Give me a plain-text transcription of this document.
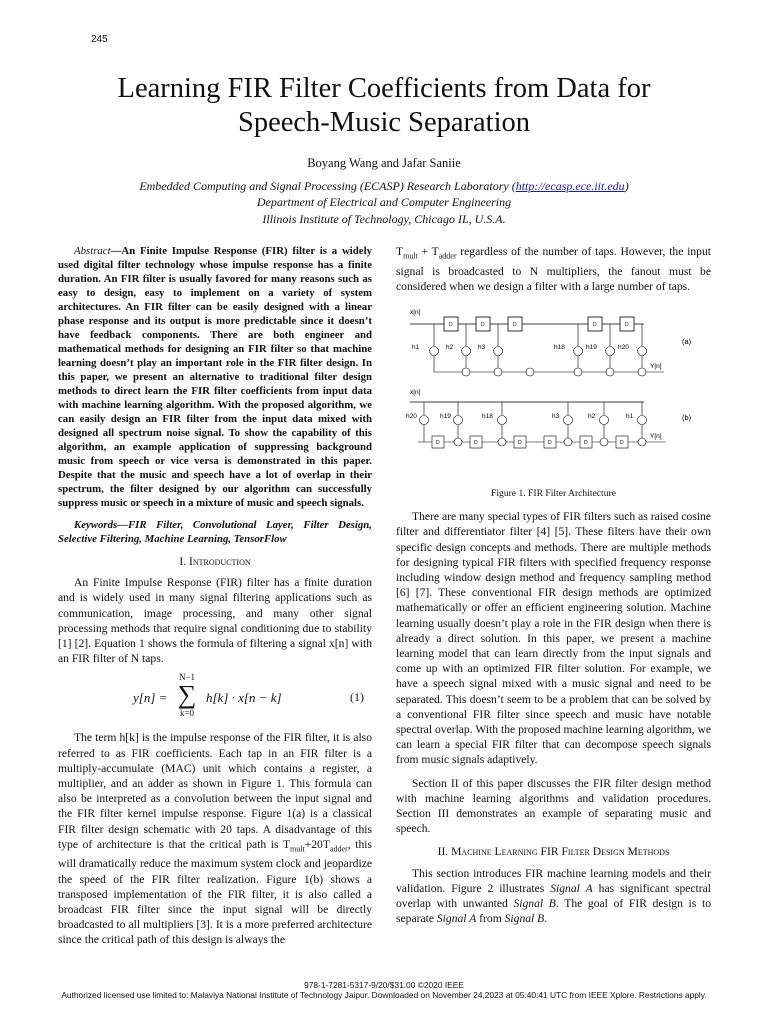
245
Learning FIR Filter Coefficients from Data for
Speech-Music Separation
Boyang Wang and Jafar Saniie
Embedded Computing and Signal Processing (ECASP) Research Laboratory (http://ecasp.ece.iit.edu)
Department of Electrical and Computer Engineering
Illinois Institute of Technology, Chicago IL, U.S.A.

Abstract—An Finite Impulse Response (FIR) filter is a widely used digital filter technology whose impulse response has a finite duration. An FIR filter is usually favored for many reasons such as easy to design, easy to implement on a variety of system architectures. An FIR filter can be easily designed with a linear phase response and its output is more predictable since it doesn’t have feedback components. There are both engineer and mathematical methods for designing an FIR filter so that machine learning doesn’t play an important role in the FIR filter design. In this paper, we present an alternative to traditional filter design methods to direct learn the FIR filter coefficients from input data with machine learning algorithm. With the proposed algorithm, we can easily design an FIR filter from the input data mixed with designed all spectrum noise signal. To show the capability of this algorithm, an example application of suppressing background music from speech or vice versa is demonstrated in this paper. Despite that the music and speech have a lot of overlap in their spectrum, the filter designed by our algorithm can successfully suppress music or speech in a mixture of music and speech signals.

Keywords—FIR Filter, Convolutional Layer, Filter Design, Selective Filtering, Machine Learning, TensorFlow

I. Introduction

An Finite Impulse Response (FIR) filter has a finite duration and is widely used in many signal filtering applications such as communication, image processing, and many other signal processing methods that require signal conditioning due to stability [1] [2]. Equation 1 shows the formula of filtering a signal x[n] with an FIR filter of N taps.

y[n] =
N−1
∑
k=0
h[k] · x[n − k]	(1)

The term h[k] is the impulse response of the FIR filter, it is also referred to as FIR coefficients. Each tap in an FIR filter is a multiply-accumulate (MAC) unit which contains a register, a multiplier, and an adder as shown in Figure 1. This formula can also be interpreted as a convolution between the input signal and the FIR filter kernel impulse response. Figure 1(a) is a classical FIR filter design schematic with 20 taps. A disadvantage of this type of architecture is that the critical path is $T_{mult}+20T_{adder}$, this will dramatically reduce the maximum system clock and jeopardize the speed of the FIR filter realization. Figure 1(b) shows a transposed implementation of the FIR filter, it is also called a broadcast FIR filter since the input signal will be directly broadcasted to all multipliers [3]. It is a more preferred architecture since the critical path of this design is always the

$T_{mult} + T_{adder}$ regardless of the number of taps. However, the input signal is broadcasted to N multipliers, the fanout must be considered when we design a filter with a large number of taps.

x[n]
D	D	D	D	D
h1	h2	h3	h18	h19	h20
Y[n]
(a)
x[n]
D	D	D	D	D	D
h20	h19	h18	h3	h2	h1
Y[n]
(b)

Figure 1. FIR Filter Architecture

There are many special types of FIR filters such as raised cosine filter and differentiator filter [4] [5]. These filters have their own specific design concepts and methods. There are multiple methods for designing typical FIR filters with specified frequency response including window design method and frequency sampling method [6] [7]. These conventional FIR design methods are optimized mathematically or offer an efficient engineering solution. Machine learning usually doesn’t play a role in the FIR design when there is already a direct solution. In this paper, we present a machine learning model that can learn directly from the input signals and come up with an optimized FIR filter solution. For example, we have a speech signal mixed with a music signal and need to be separated. This doesn’t seem to be a problem that can be solved by a conventional FIR filter since speech and music have notable spectral overlap. With the proposed machine learning algorithm, we can learn a special FIR filter that can decompose speech signals from music signals adaptively.

Section II of this paper discusses the FIR filter design method with machine learning algorithms and validation procedures. Section III demonstrates an example of separating music and speech.

II. Machine Learning FIR Filter Design Methods

This section introduces FIR machine learning models and their validation. Figure 2 illustrates Signal A has significant spectral overlap with unwanted Signal B. The goal of FIR design is to separate Signal A from Signal B.

978-1-7281-5317-9/20/$31.00 ©2020 IEEE
Authorized licensed use limited to: Malaviya National Institute of Technology Jaipur. Downloaded on November 24,2023 at 05:40:41 UTC from IEEE Xplore. Restrictions apply.
